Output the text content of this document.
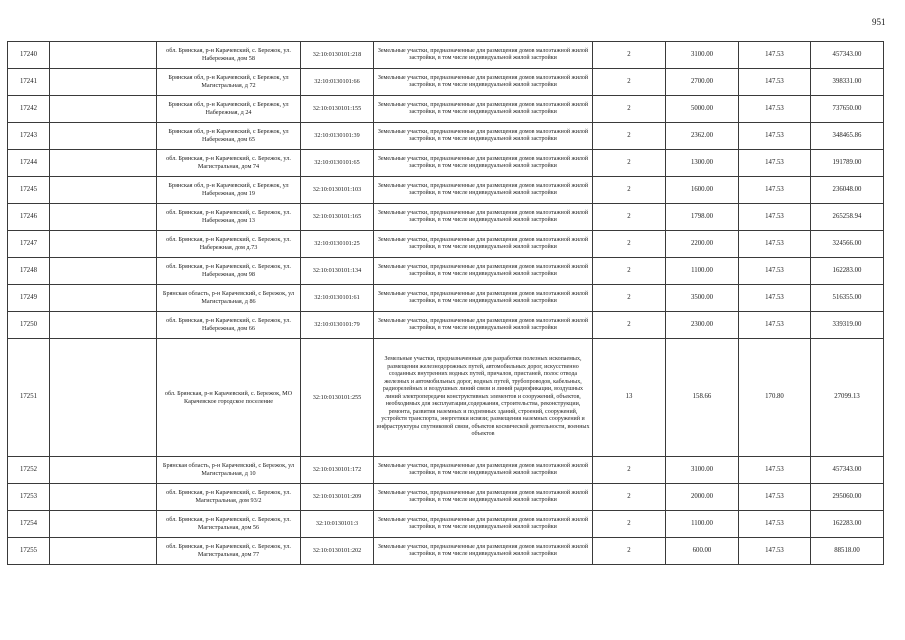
951
17240		обл. Брянская, р-н Карачевский, с. Бережок, ул. Набережная, дом 58	32:10:0130101:218	Земельные участки, предназначенные для размещения домов малоэтажной жилой застройки, в том числе индивидуальной жилой застройки	2	3100.00	147.53	457343.00
17241		Брянская обл, р-н Карачевский, с Бережок, ул Магистральная, д 72	32:10:0130101:66	Земельные участки, предназначенные для размещения домов малоэтажной жилой застройки, в том числе индивидуальной жилой застройки	2	2700.00	147.53	398331.00
17242		Брянская обл, р-н Карачевский, с Бережок, ул Набережная, д 24	32:10:0130101:155	Земельные участки, предназначенные для размещения домов малоэтажной жилой застройки, в том числе индивидуальной жилой застройки	2	5000.00	147.53	737650.00
17243		Брянская обл, р-н Карачевский, с Бережок, ул Набережная, дом 65	32:10:0130101:39	Земельные участки, предназначенные для размещения домов малоэтажной жилой застройки, в том числе индивидуальной жилой застройки	2	2362.00	147.53	348465.86
17244		обл. Брянская, р-н Карачевский, с. Бережок, ул. Магистральная, дом 74	32:10:0130101:65	Земельные участки, предназначенные для размещения домов малоэтажной жилой застройки, в том числе индивидуальной жилой застройки	2	1300.00	147.53	191789.00
17245		Брянская обл, р-н Карачевский, с Бережок, ул Набережная, дом 19	32:10:0130101:103	Земельные участки, предназначенные для размещения домов малоэтажной жилой застройки, в том числе индивидуальной жилой застройки	2	1600.00	147.53	236048.00
17246		обл. Брянская, р-н Карачевский, с. Бережок, ул. Набережная, дом 13	32:10:0130101:165	Земельные участки, предназначенные для размещения домов малоэтажной жилой застройки, в том числе индивидуальной жилой застройки	2	1798.00	147.53	265258.94
17247		обл. Брянская, р-н Карачевский, с. Бережок, ул. Набережная, дом д.73	32:10:0130101:25	Земельные участки, предназначенные для размещения домов малоэтажной жилой застройки, в том числе индивидуальной жилой застройки	2	2200.00	147.53	324566.00
17248		обл. Брянская, р-н Карачевский, с. Бережок, ул. Набережная, дом 98	32:10:0130101:134	Земельные участки, предназначенные для размещения домов малоэтажной жилой застройки, в том числе индивидуальной жилой застройки	2	1100.00	147.53	162283.00
17249		Брянская область, р-н Карачевский, с Бережок, ул Магистральная, д 86	32:10:0130101:61	Земельные участки, предназначенные для размещения домов малоэтажной жилой застройки, в том числе индивидуальной жилой застройки	2	3500.00	147.53	516355.00
17250		обл. Брянская, р-н Карачевский, с. Бережок, ул. Набережная, дом 66	32:10:0130101:79	Земельные участки, предназначенные для размещения домов малоэтажной жилой застройки, в том числе индивидуальной жилой застройки	2	2300.00	147.53	339319.00
17251		обл. Брянская, р-н Карачевский, с. Бережок, МО Карачевское городское поселение	32:10:0130101:255	Земельные участки, предназначенные для разработки полезных ископаемых, размещения железнодорожных путей, автомобильных дорог, искусственно созданных внутренних водных путей, причалов, пристаней, полос отвода железных и автомобильных дорог, водных путей, трубопроводов, кабельных, радиорелейных и воздушных линий связи и линий радиофикации, воздушных линий электропередачи конструктивных элементов и сооружений, объектов, необходимых для эксплуатации,содержания, строительства, реконструкции, ремонта, развития наземных и подземных зданий, строений, сооружений, устройств транспорта, энергетики исвязи; размещения наземных сооружений и инфраструктуры спутниковой связи, объектов космической деятельности, военных объектов	13	158.66	170.80	27099.13
17252		Брянская область, р-н Карачевский, с Бережок, ул Магистральная, д 10	32:10:0130101:172	Земельные участки, предназначенные для размещения домов малоэтажной жилой застройки, в том числе индивидуальной жилой застройки	2	3100.00	147.53	457343.00
17253		обл. Брянская, р-н Карачевский, с. Бережок, ул. Магистральная, дом 93/2	32:10:0130101:209	Земельные участки, предназначенные для размещения домов малоэтажной жилой застройки, в том числе индивидуальной жилой застройки	2	2000.00	147.53	295060.00
17254		обл. Брянская, р-н Карачевский, с. Бережок, ул. Магистральная, дом 56	32:10:0130101:3	Земельные участки, предназначенные для размещения домов малоэтажной жилой застройки, в том числе индивидуальной жилой застройки	2	1100.00	147.53	162283.00
17255		обл. Брянская, р-н Карачевский, с. Бережок, ул. Магистральная, дом 77	32:10:0130101:202	Земельные участки, предназначенные для размещения домов малоэтажной жилой застройки, в том числе индивидуальной жилой застройки	2	600.00	147.53	88518.00
